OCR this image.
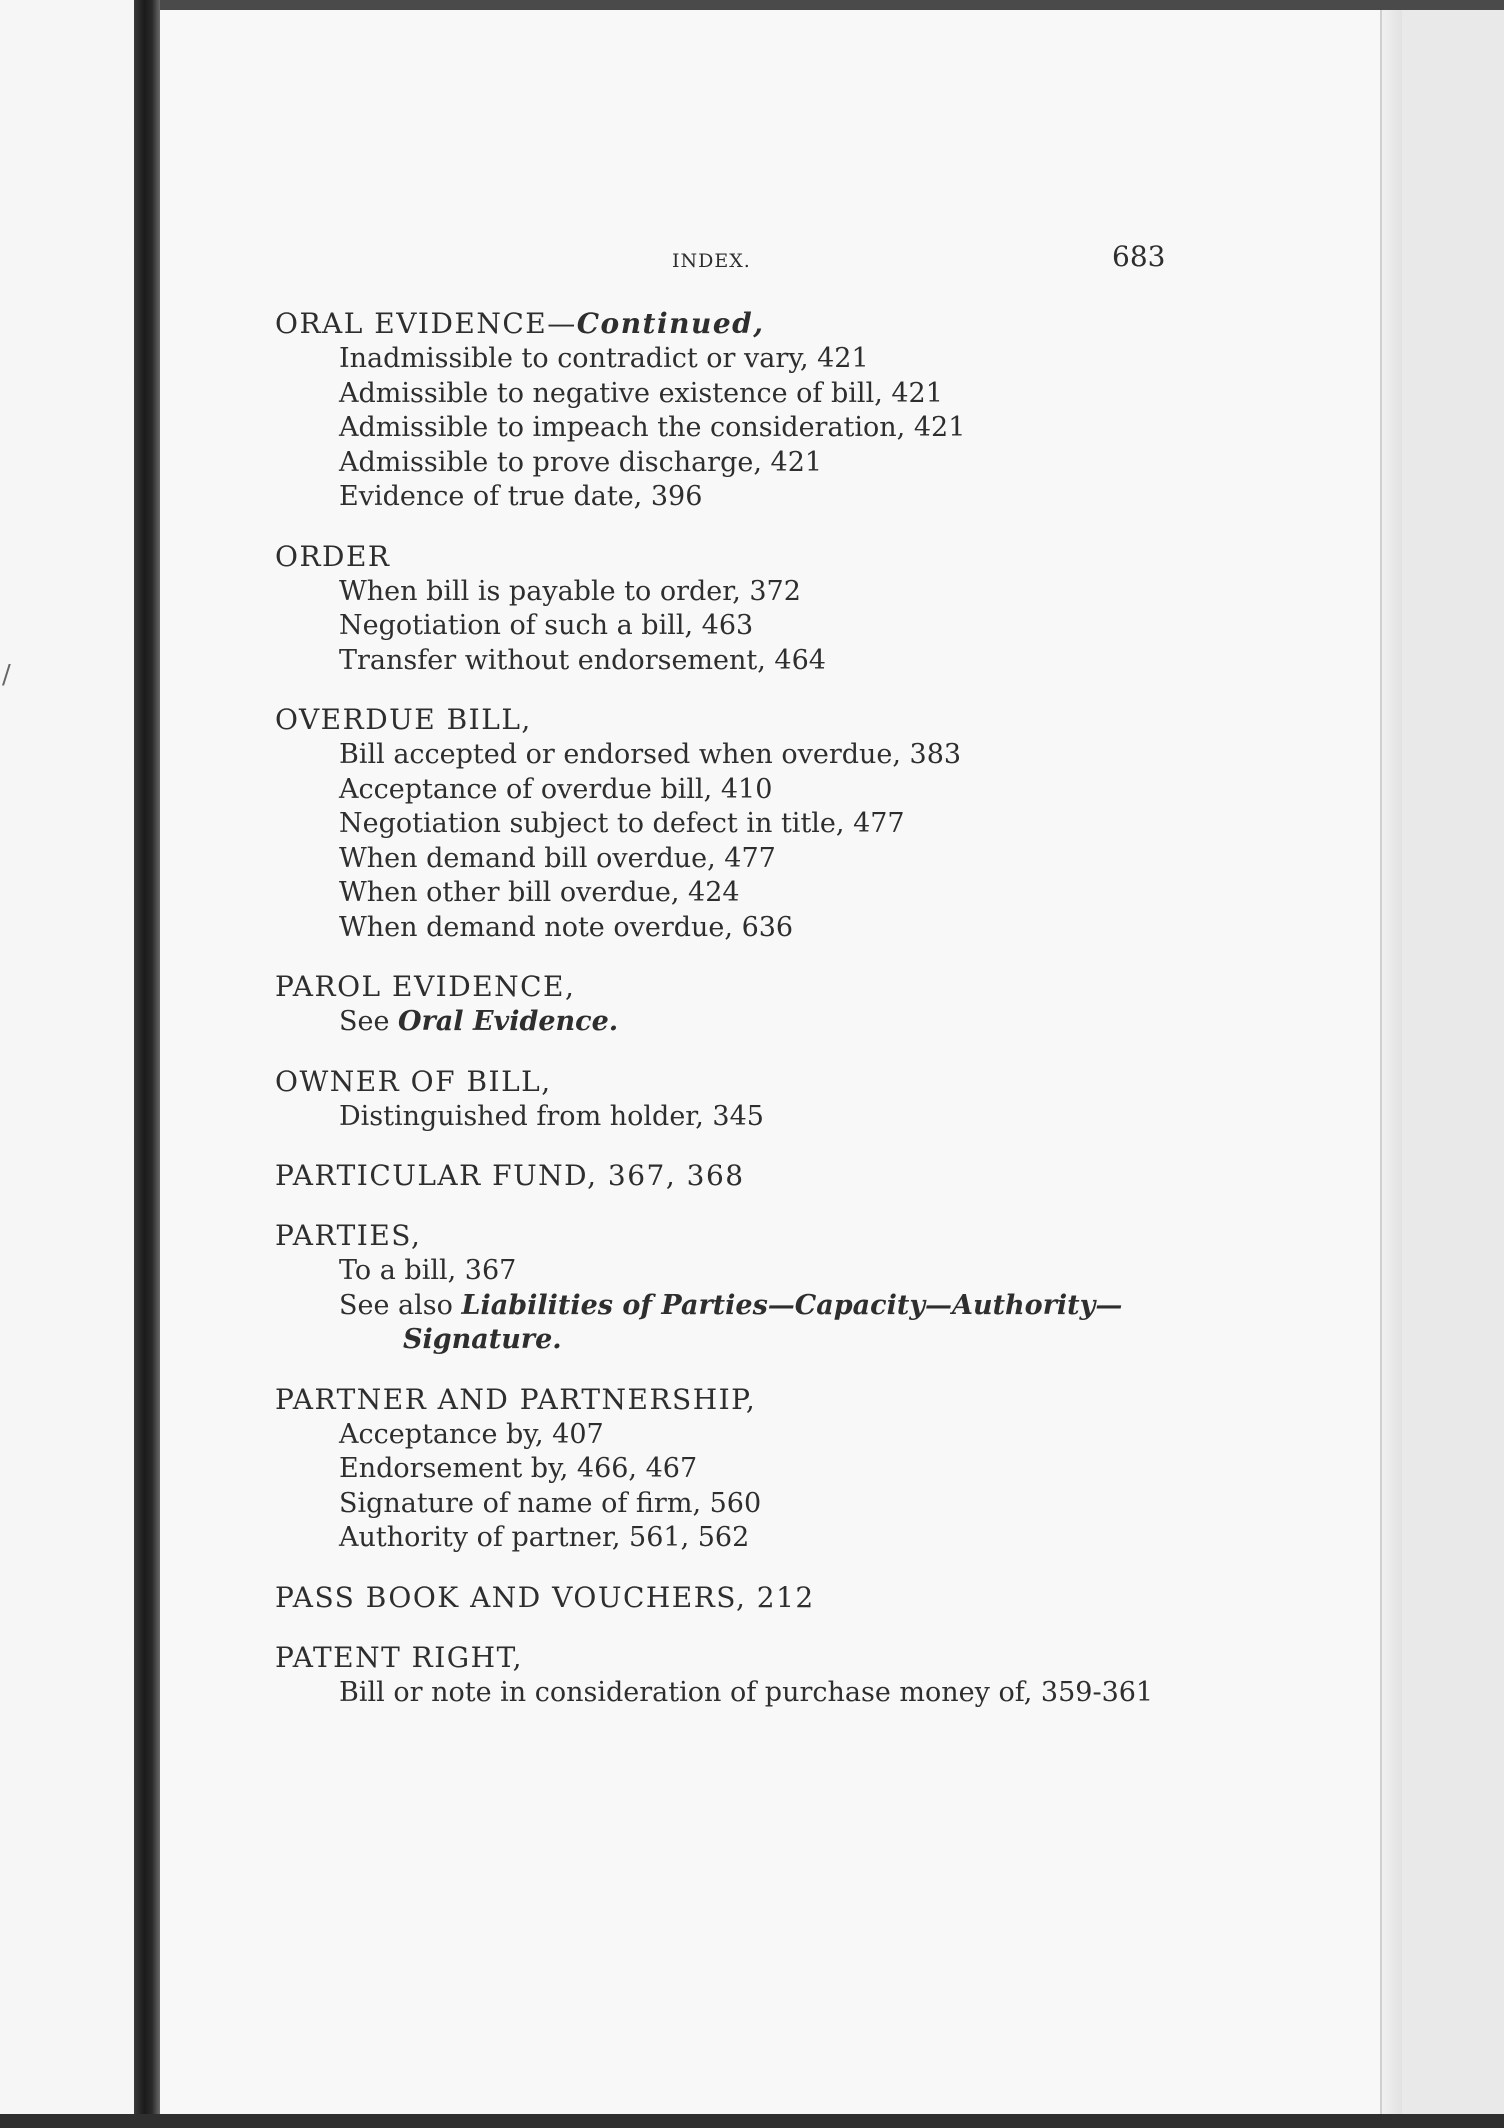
/
INDEX.	683
ORAL EVIDENCE—Continued,
Inadmissible to contradict or vary, 421
Admissible to negative existence of bill, 421
Admissible to impeach the consideration, 421
Admissible to prove discharge, 421
Evidence of true date, 396
ORDER
When bill is payable to order, 372
Negotiation of such a bill, 463
Transfer without endorsement, 464
OVERDUE BILL,
Bill accepted or endorsed when overdue, 383
Acceptance of overdue bill, 410
Negotiation subject to defect in title, 477
When demand bill overdue, 477
When other bill overdue, 424
When demand note overdue, 636
PAROL EVIDENCE,
See Oral Evidence.
OWNER OF BILL,
Distinguished from holder, 345
PARTICULAR FUND, 367, 368
PARTIES,
To a bill, 367
See also Liabilities of Parties—Capacity—Authority—Signature.
PARTNER AND PARTNERSHIP,
Acceptance by, 407
Endorsement by, 466, 467
Signature of name of firm, 560
Authority of partner, 561, 562
PASS BOOK AND VOUCHERS, 212
PATENT RIGHT,
Bill or note in consideration of purchase money of, 359-361
